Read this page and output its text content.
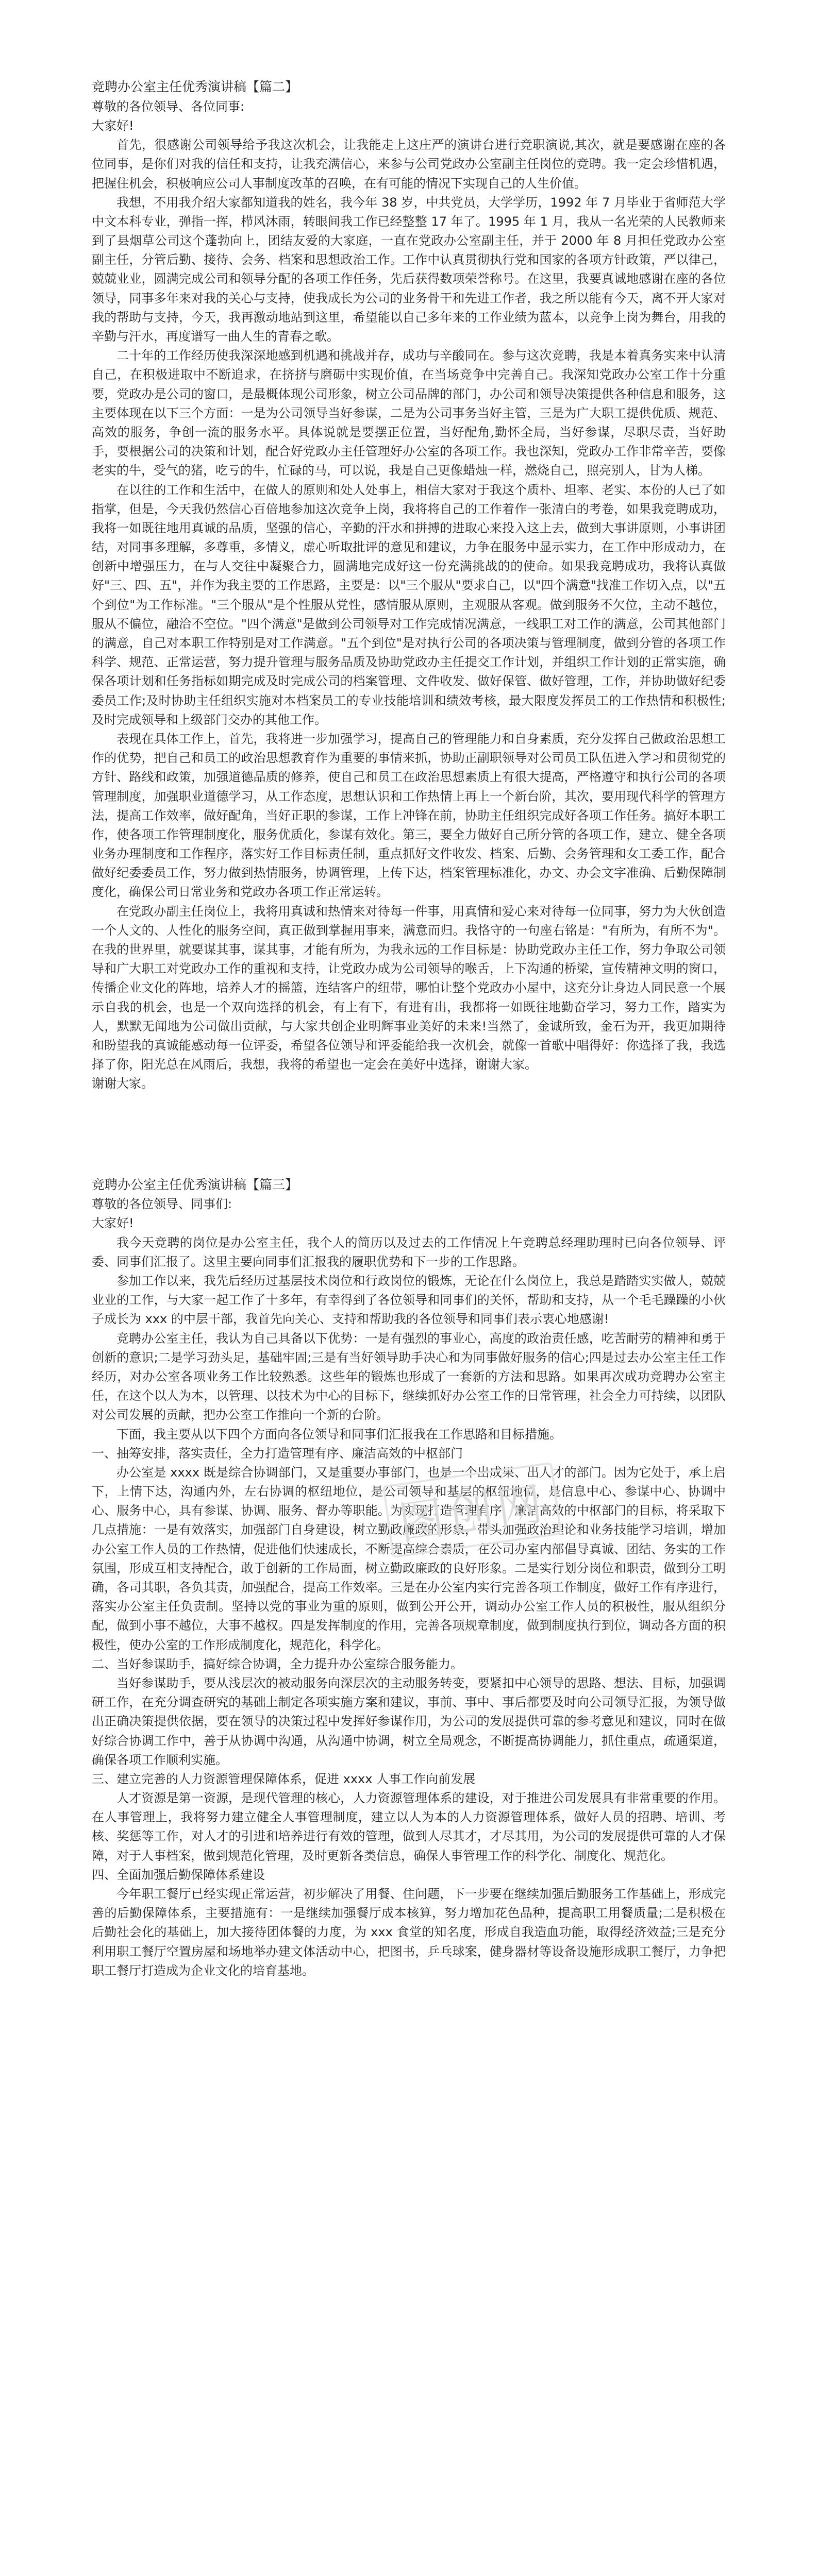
竞聘办公室主任优秀演讲稿【篇二】

尊敬的各位领导、各位同事:

大家好!

首先，很感谢公司领导给予我这次机会，让我能走上这庄严的演讲台进行竞职演说,其次，就是要感谢在座的各位同事，是你们对我的信任和支持，让我充满信心，来参与公司党政办公室副主任岗位的竞聘。我一定会珍惜机遇，把握住机会，积极响应公司人事制度改革的召唤，在有可能的情况下实现自己的人生价值。

我想，不用我介绍大家都知道我的姓名，我今年 38 岁，中共党员，大学学历，1992 年 7 月毕业于省师范大学中文本科专业，弹指一挥，栉风沐雨，转眼间我工作已经整整 17 年了。1995 年 1 月，我从一名光荣的人民教师来到了县烟草公司这个蓬勃向上，团结友爱的大家庭，一直在党政办公室副主任，并于 2000 年 8 月担任党政办公室副主任，分管后勤、接待、会务、档案和思想政治工作。工作中认真贯彻执行党和国家的各项方针政策，严以律己，兢兢业业，圆满完成公司和领导分配的各项工作任务，先后获得数项荣誉称号。在这里，我要真诚地感谢在座的各位领导，同事多年来对我的关心与支持，使我成长为公司的业务骨干和先进工作者，我之所以能有今天，离不开大家对我的帮助与支持，今天，我再激动地站到这里，希望能以自己多年来的工作业绩为蓝本，以竞争上岗为舞台，用我的辛勤与汗水，再度谱写一曲人生的青春之歌。

二十年的工作经历使我深深地感到机遇和挑战并存，成功与辛酸同在。参与这次竞聘，我是本着真务实来中认清自己，在积极进取中不断追求，在挤挤与磨砺中实现价值，在当场竞争中完善自己。我深知党政办公室工作十分重要，党政办是公司的窗口，是最概体现公司形象，树立公司品牌的部门，办公司和领导决策提供各种信息和服务，这主要体现在以下三个方面：一是为公司领导当好参谋，二是为公司事务当好主管，三是为广大职工提供优质、规范、高效的服务，争创一流的服务水平。具体说就是要摆正位置，当好配角,勤怀全局，当好参谋，尽职尽责，当好助手，要根据公司的决策和计划，配合好党政办主任管理好办公室的各项工作。我也深知，党政办工作非常辛苦，要像老实的牛，受气的猪，吃亏的牛，忙碌的马，可以说，我是自己更像蜡烛一样，燃烧自己，照亮别人，甘为人梯。

在以往的工作和生活中，在做人的原则和处人处事上，相信大家对于我这个质朴、坦率、老实、本份的人已了如指掌，但是，今天我仍然信心百倍地参加这次竞争上岗，我将将自己的工作着作一张清白的考卷，如果我竞聘成功，我将一如既往地用真诚的品质，坚强的信心，辛勤的汗水和拼搏的进取心来投入这上去，做到大事讲原则，小事讲团结，对同事多理解，多尊重，多情义，虚心听取批评的意见和建议，力争在服务中显示实力，在工作中形成动力，在创新中增强压力，在与人交往中凝聚合力，圆满地完成好这一份充满挑战的的使命。如果我竞聘成功，我将认真做好"三、四、五"，并作为我主要的工作思路，主要是：以"三个服从"要求自己，以"四个满意"找准工作切入点，以"五个到位"为工作标准。"三个服从"是个性服从党性，感情服从原则，主观服从客观。做到服务不欠位，主动不越位，服从不偏位，融洽不空位。"四个满意"是做到公司领导对工作完成情况满意，一线职工对工作的满意，公司其他部门的满意，自己对本职工作特别是对工作满意。"五个到位"是对执行公司的各项决策与管理制度，做到分管的各项工作科学、规范、正常运营，努力提升管理与服务品质及协助党政办主任提交工作计划，并组织工作计划的正常实施，确保各项计划和任务指标如期完成及时完成公司的档案管理、文件收发、做好保管、做好管理，工作，并协助做好纪委委员工作;及时协助主任组织实施对本档案员工的专业技能培训和绩效考核，最大限度发挥员工的工作热情和积极性;及时完成领导和上级部门交办的其他工作。

表现在具体工作上，首先，我将进一步加强学习，提高自己的管理能力和自身素质，充分发挥自己做政治思想工作的优势，把自己和员工的政治思想教育作为重要的事情来抓，协助正副职领导对公司员工队伍进入学习和贯彻党的方针、路线和政策，加强道德品质的修养，使自己和员工在政治思想素质上有很大提高，严格遵守和执行公司的各项管理制度，加强职业道德学习，从工作态度，思想认识和工作热情上再上一个新台阶，其次，要用现代科学的管理方法，提高工作效率，做好配角，当好正职的参谋，工作上冲锋在前，协助主任组织完成好各项工作任务。搞好本职工作，使各项工作管理制度化，服务优质化，参谋有效化。第三，要全力做好自己所分管的各项工作，建立、健全各项业务办理制度和工作程序，落实好工作目标责任制，重点抓好文件收发、档案、后勤、会务管理和女工委工作，配合做好纪委委员工作，努力做到热情服务，协调管理，上传下达，档案管理标准化，办文、办会文字准确、后勤保障制度化，确保公司日常业务和党政办各项工作正常运转。

在党政办副主任岗位上，我将用真诚和热情来对待每一件事，用真情和爱心来对待每一位同事，努力为大伙创造一个人文的、人性化的服务空间，真正做到掌握用事来，满意而归。我恪守的一句座右铭是："有所为，有所不为"。在我的世界里，就要谋其事，谋其事，才能有所为，为我永远的工作目标是：协助党政办主任工作，努力争取公司领导和广大职工对党政办工作的重视和支持，让党政办成为公司领导的喉舌，上下沟通的桥梁，宣传精神文明的窗口，传播企业文化的阵地，培养人才的摇篮，连结客户的纽带，哪怕让整个党政办小屋中，这充分让身边人同民意一个展示自我的机会，也是一个双向选择的机会，有上有下，有进有出，我都将一如既往地勤奋学习，努力工作，踏实为人，默默无闻地为公司做出贡献，与大家共创企业明辉事业美好的未来!当然了，金诚所致，金石为开，我更加期待和盼望我的真诚能感动每一位评委，希望各位领导和评委能给我一次机会，就像一首歌中唱得好：你选择了我，我选择了你，阳光总在风雨后，我想，我将的希望也一定会在美好中选择，谢谢大家。

谢谢大家。

竞聘办公室主任优秀演讲稿【篇三】

尊敬的各位领导、同事们:

大家好!

我今天竞聘的岗位是办公室主任，我个人的简历以及过去的工作情况上午竞聘总经理助理时已向各位领导、评委、同事们汇报了。这里主要向同事们汇报我的履职优势和下一步的工作思路。

参加工作以来，我先后经历过基层技术岗位和行政岗位的锻炼，无论在什么岗位上，我总是踏踏实实做人，兢兢业业的工作，与大家一起工作了十多年，有幸得到了各位领导和同事们的关怀，帮助和支持，从一个毛毛躁躁的小伙子成长为 xxx 的中层干部，我首先向关心、支持和帮助我的各位领导和同事们表示衷心地感谢!

竞聘办公室主任，我认为自己具备以下优势：一是有强烈的事业心，高度的政治责任感，吃苦耐劳的精神和勇于创新的意识;二是学习劲头足，基础牢固;三是有当好领导助手决心和为同事做好服务的信心;四是过去办公室主任工作经历，对办公室各项业务工作比较熟悉。这些年的锻炼也形成了一套新的方法和思路。如果再次成功竞聘办公室主任，在这个以人为本，以管理、以技术为中心的目标下，继续抓好办公室工作的日常管理，社会全力可持续，以团队对公司发展的贡献，把办公室工作推向一个新的台阶。

下面，我主要从以下四个方面向各位领导和同事们汇报我在工作思路和目标措施。

一、抽筹安排，落实责任，全力打造管理有序、廉洁高效的中枢部门

办公室是 xxxx 既是综合协调部门，又是重要办事部门，也是一个出成果、出人才的部门。因为它处于，承上启下，上情下达，沟通内外，左右协调的枢纽地位，是公司领导和基层的枢纽地位，是信息中心、参谋中心、协调中心、服务中心，具有参谋、协调、服务、督办等职能。为实现打造管理有序、廉洁高效的中枢部门的目标，将采取下几点措施：一是有效落实，加强部门自身建设，树立勤政廉政的形象，带头加强政治理论和业务技能学习培训，增加办公室工作人员的工作热情，促进他们快速成长，不断提高综合素质，在公司办室内部倡导真诚、团结、务实的工作氛围，形成互相支持配合，敢于创新的工作局面，树立勤政廉政的良好形象。二是实行划分岗位和职责，做到分工明确，各司其职，各负其责，加强配合，提高工作效率。三是在办公室内实行完善各项工作制度，做好工作有序进行，落实办公室主任负责制。坚持以党的事业为重的原则，做到公开公开，调动办公室工作人员的积极性，服从组织分配，做到小事不越位，大事不越权。四是发挥制度的作用，完善各项规章制度，做到制度执行到位，调动各方面的积极性，使办公室的工作形成制度化，规范化，科学化。

二、当好参谋助手，搞好综合协调，全力提升办公室综合服务能力。

当好参谋助手，要从浅层次的被动服务向深层次的主动服务转变，要紧扣中心领导的思路、想法、目标，加强调研工作，在充分调查研究的基础上制定各项实施方案和建议，事前、事中、事后都要及时向公司领导汇报，为领导做出正确决策提供依据，要在领导的决策过程中发挥好参谋作用，为公司的发展提供可靠的参考意见和建议，同时在做好综合协调工作中，善于从协调中沟通，从沟通中协调，树立全局观念，不断提高协调能力，抓住重点，疏通渠道，确保各项工作顺利实施。

三、建立完善的人力资源管理保障体系，促进 xxxx 人事工作向前发展

人才资源是第一资源，是现代管理的核心，人力资源管理体系的建设，对于推进公司发展具有非常重要的作用。在人事管理上，我将努力建立健全人事管理制度，建立以人为本的人力资源管理体系，做好人员的招聘、培训、考核、奖惩等工作，对人才的引进和培养进行有效的管理，做到人尽其才，才尽其用，为公司的发展提供可靠的人才保障，对于人事档案，做到规范化管理，及时更新各类信息，确保人事管理工作的科学化、制度化、规范化。

四、全面加强后勤保障体系建设

今年职工餐厅已经实现正常运营，初步解决了用餐、住问题，下一步要在继续加强后勤服务工作基础上，形成完善的后勤保障体系，主要措施有：一是继续加强餐厅成本核算，努力增加花色品种，提高职工用餐质量;二是积极在后勤社会化的基础上，加大接待团体餐的力度，为 xxx 食堂的知名度，形成自我造血功能，取得经济效益;三是充分利用职工餐厅空置房屋和场地举办建文体活动中心，把图书，乒乓球案，健身器材等设备设施形成职工餐厅，力争把职工餐厅打造成为企业文化的培育基地。

图创网
